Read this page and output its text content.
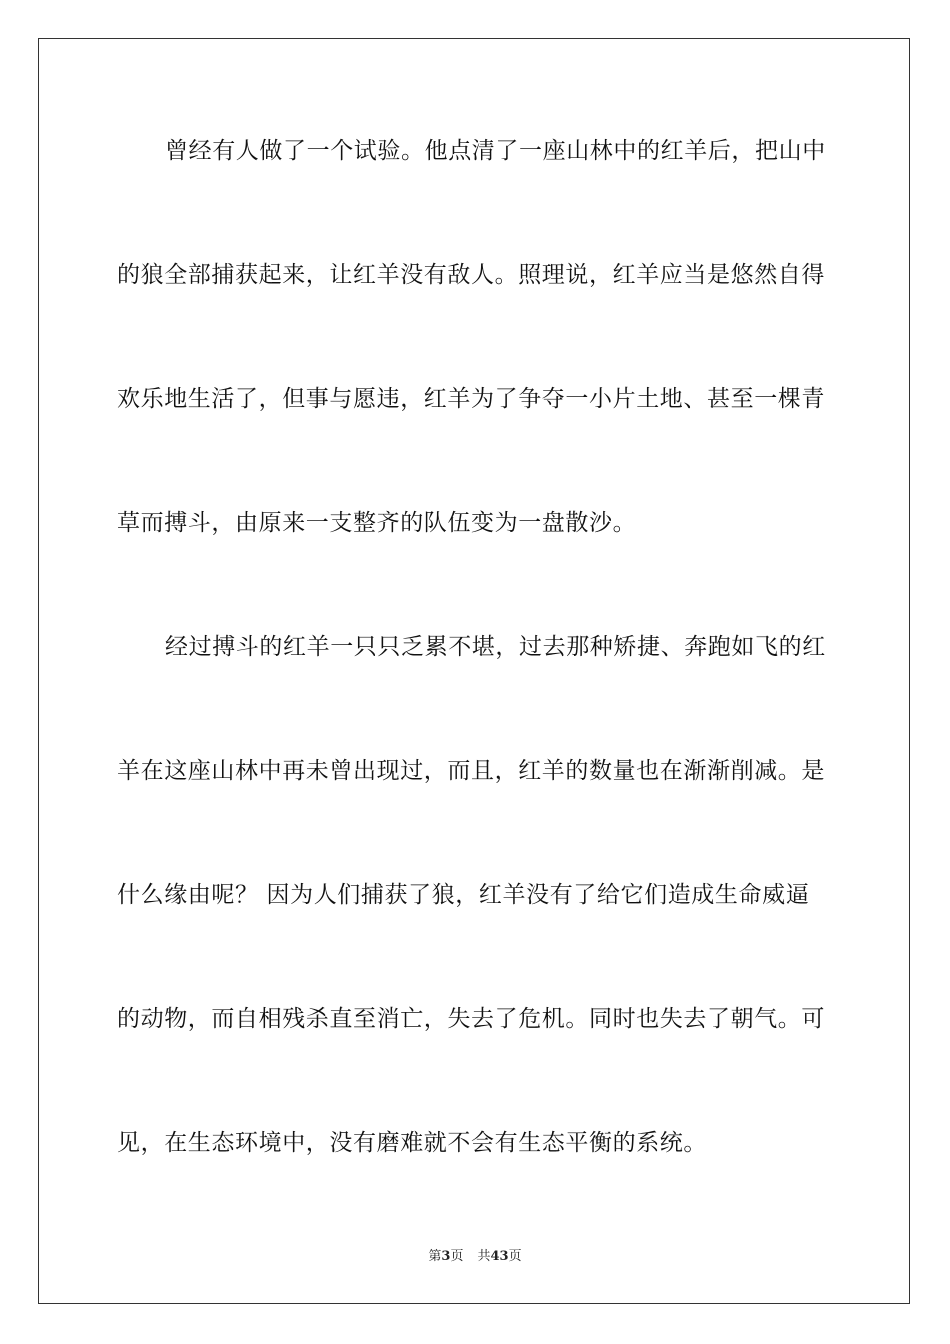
曾经有人做了一个试验。他点清了一座山林中的红羊后，把山中
的狼全部捕获起来，让红羊没有敌人。照理说，红羊应当是悠然自得
欢乐地生活了，但事与愿违，红羊为了争夺一小片土地、甚至一棵青
草而搏斗，由原来一支整齐的队伍变为一盘散沙。
经过搏斗的红羊一只只乏累不堪，过去那种矫捷、奔跑如飞的红
羊在这座山林中再未曾出现过，而且，红羊的数量也在渐渐削减。是
什么缘由呢？ 因为人们捕获了狼，红羊没有了给它们造成生命威逼
的动物，而自相残杀直至消亡，失去了危机。同时也失去了朝气。可
见，在生态环境中，没有磨难就不会有生态平衡的系统。
第3页 共43页
